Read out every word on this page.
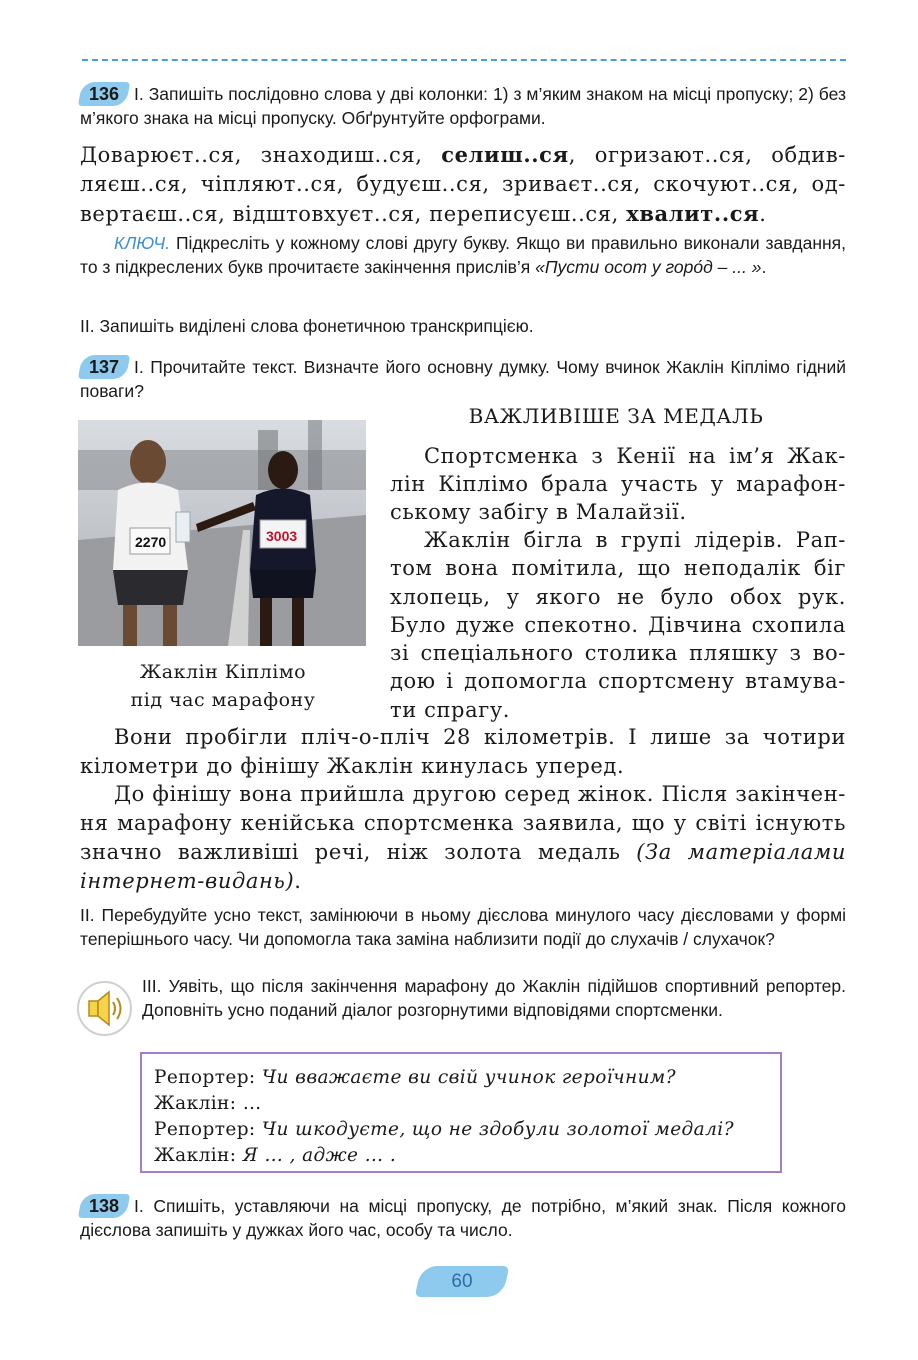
136 І. Запишіть послідовно слова у дві колонки: 1) з м’яким знаком на місці пропуску; 2) без м’якого знака на місці пропуску. Обґрунтуйте орфограми.
Доварюєт..ся, знаходиш..ся, селиш..ся, огризают..ся, обдив-
ляєш..ся, чіпляют..ся, будуєш..ся, зриваєт..ся, скочуют..ся, од-
вертаєш..ся, відштовхуєт..ся, переписуєш..ся, хвалит..ся.
КЛЮЧ. Підкресліть у кожному слові другу букву. Якщо ви правильно виконали завдання, то з підкреслених букв прочитаєте закінчення прислів’я «Пусти осот у горо́д – ... ».
ІІ. Запишіть виділені слова фонетичною транскрипцією.
137 І. Прочитайте текст. Визначте його основну думку. Чому вчинок Жаклін Кіплімо гідний поваги?
2270	3003
Жаклін Кіплімо
під час марафону
ВАЖЛИВІШЕ ЗА МЕДАЛЬ
Спортсменка з Кенії на ім’я Жак-
лін Кіплімо брала участь у марафон-
ському забігу в Малайзії.
Жаклін бігла в групі лідерів. Рап-
том вона помітила, що неподалік біг
хлопець, у якого не було обох рук.
Було дуже спекотно. Дівчина схопила
зі спеціального столика пляшку з во-
дою і допомогла спортсмену втамува-
ти спрагу.
Вони пробігли пліч-о-пліч 28 кілометрів. І лише за чотири
кілометри до фінішу Жаклін кинулась уперед.
До фінішу вона прийшла другою серед жінок. Після закінчен-
ня марафону кенійська спортсменка заявила, що у світі існують
значно важливіші речі, ніж золота медаль (За матеріалами
інтернет-видань).
ІІ. Перебудуйте усно текст, замінюючи в ньому дієслова минулого часу дієсловами у формі теперішнього часу. Чи допомогла така заміна наблизити події до слухачів / слухачок?
ІІІ. Уявіть, що після закінчення марафону до Жаклін підійшов спортивний репортер. Доповніть усно поданий діалог розгорнутими відповідями спортсменки.
Репортер: Чи вважаєте ви свій учинок героїчним?
Жаклін: …
Репортер: Чи шкодуєте, що не здобули золотої медалі?
Жаклін: Я … , адже … .
138 І. Спишіть, уставляючи на місці пропуску, де потрібно, м’який знак. Після кожного дієслова запишіть у дужках його час, особу та число.
60
